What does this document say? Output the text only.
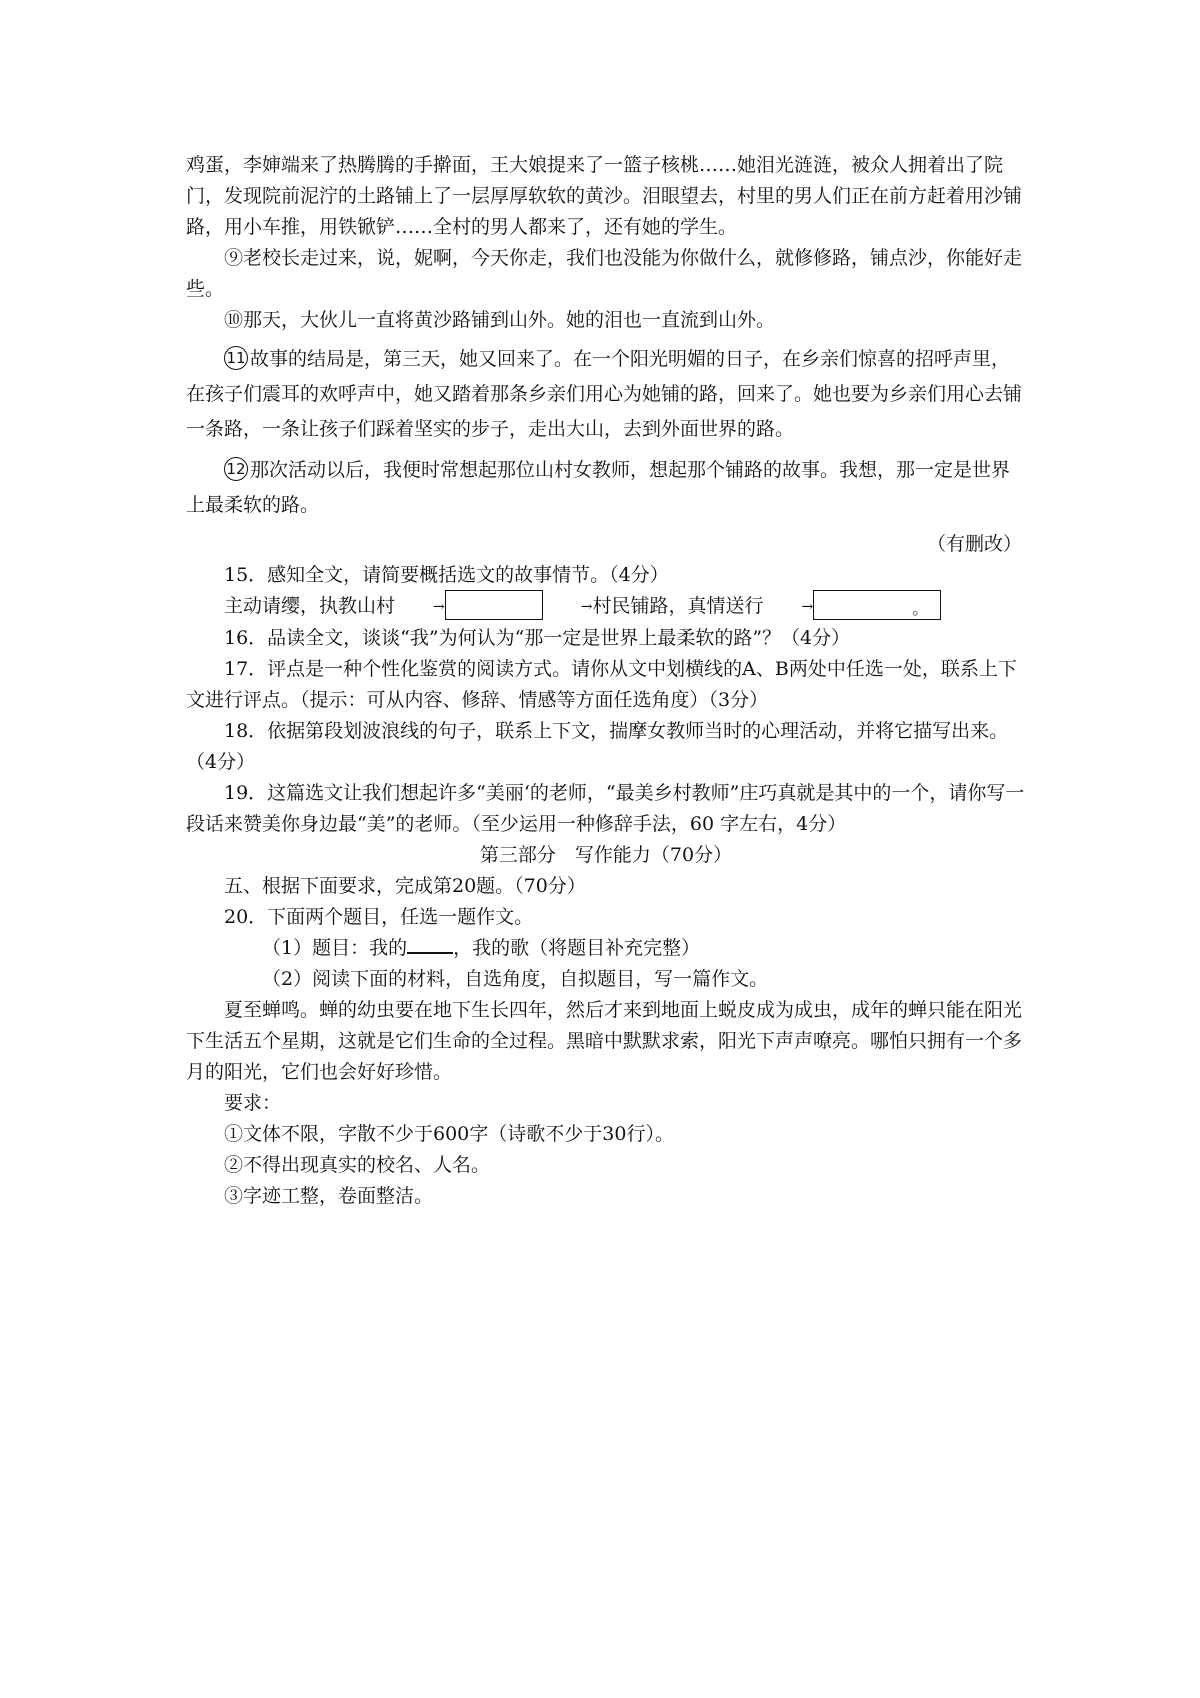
鸡蛋，李婶端来了热腾腾的手擀面，王大娘提来了一篮子核桃……她泪光涟涟，被众人拥着出了院门，发现院前泥泞的土路铺上了一层厚厚软软的黄沙。泪眼望去，村里的男人们正在前方赶着用沙铺路，用小车推，用铁锨铲……全村的男人都来了，还有她的学生。

⑨老校长走过来，说，妮啊，今天你走，我们也没能为你做什么，就修修路，铺点沙，你能好走些。

⑩那天，大伙儿一直将黄沙路铺到山外。她的泪也一直流到山外。

11 故事的结局是，第三天，她又回来了。在一个阳光明媚的日子，在乡亲们惊喜的招呼声里，在孩子们震耳的欢呼声中，她又踏着那条乡亲们用心为她铺的路，回来了。她也要为乡亲们用心去铺一条路，一条让孩子们踩着坚实的步子，走出大山，去到外面世界的路。

12 那次活动以后，我便时常想起那位山村女教师，想起那个铺路的故事。我想，那一定是世界上最柔软的路。

（有删改）

15．感知全文，请简要概括选文的故事情节。（4分）

主动请缨，执教山村	→	→村民铺路，真情送行	→	。

16．品读全文，谈谈“我”为何认为“那一定是世界上最柔软的路”？（4分）

17．评点是一种个性化鉴赏的阅读方式。请你从文中划横线的A、B两处中任选一处，联系上下文进行评点。（提示：可从内容、修辞、情感等方面任选角度）（3分）

18．依据第段划波浪线的句子，联系上下文，揣摩女教师当时的心理活动，并将它描写出来。（4分）

19．这篇选文让我们想起许多“美丽‘的老师，“最美乡村教师”庄巧真就是其中的一个，请你写一段话来赞美你身边最“美”的老师。（至少运用一种修辞手法，60 字左右，4分）

第三部分　写作能力（70分）

五、根据下面要求，完成第20题。（70分）

20．下面两个题目，任选一题作文。

（1）题目：我的 ，我的歌（将题目补充完整）

（2）阅读下面的材料，自选角度，自拟题目，写一篇作文。

夏至蝉鸣。蝉的幼虫要在地下生长四年，然后才来到地面上蜕皮成为成虫，成年的蝉只能在阳光下生活五个星期，这就是它们生命的全过程。黑暗中默默求索，阳光下声声嘹亮。哪怕只拥有一个多月的阳光，它们也会好好珍惜。

要求：

①文体不限，字散不少于600字（诗歌不少于30行）。

②不得出现真实的校名、人名。

③字迹工整，卷面整洁。
